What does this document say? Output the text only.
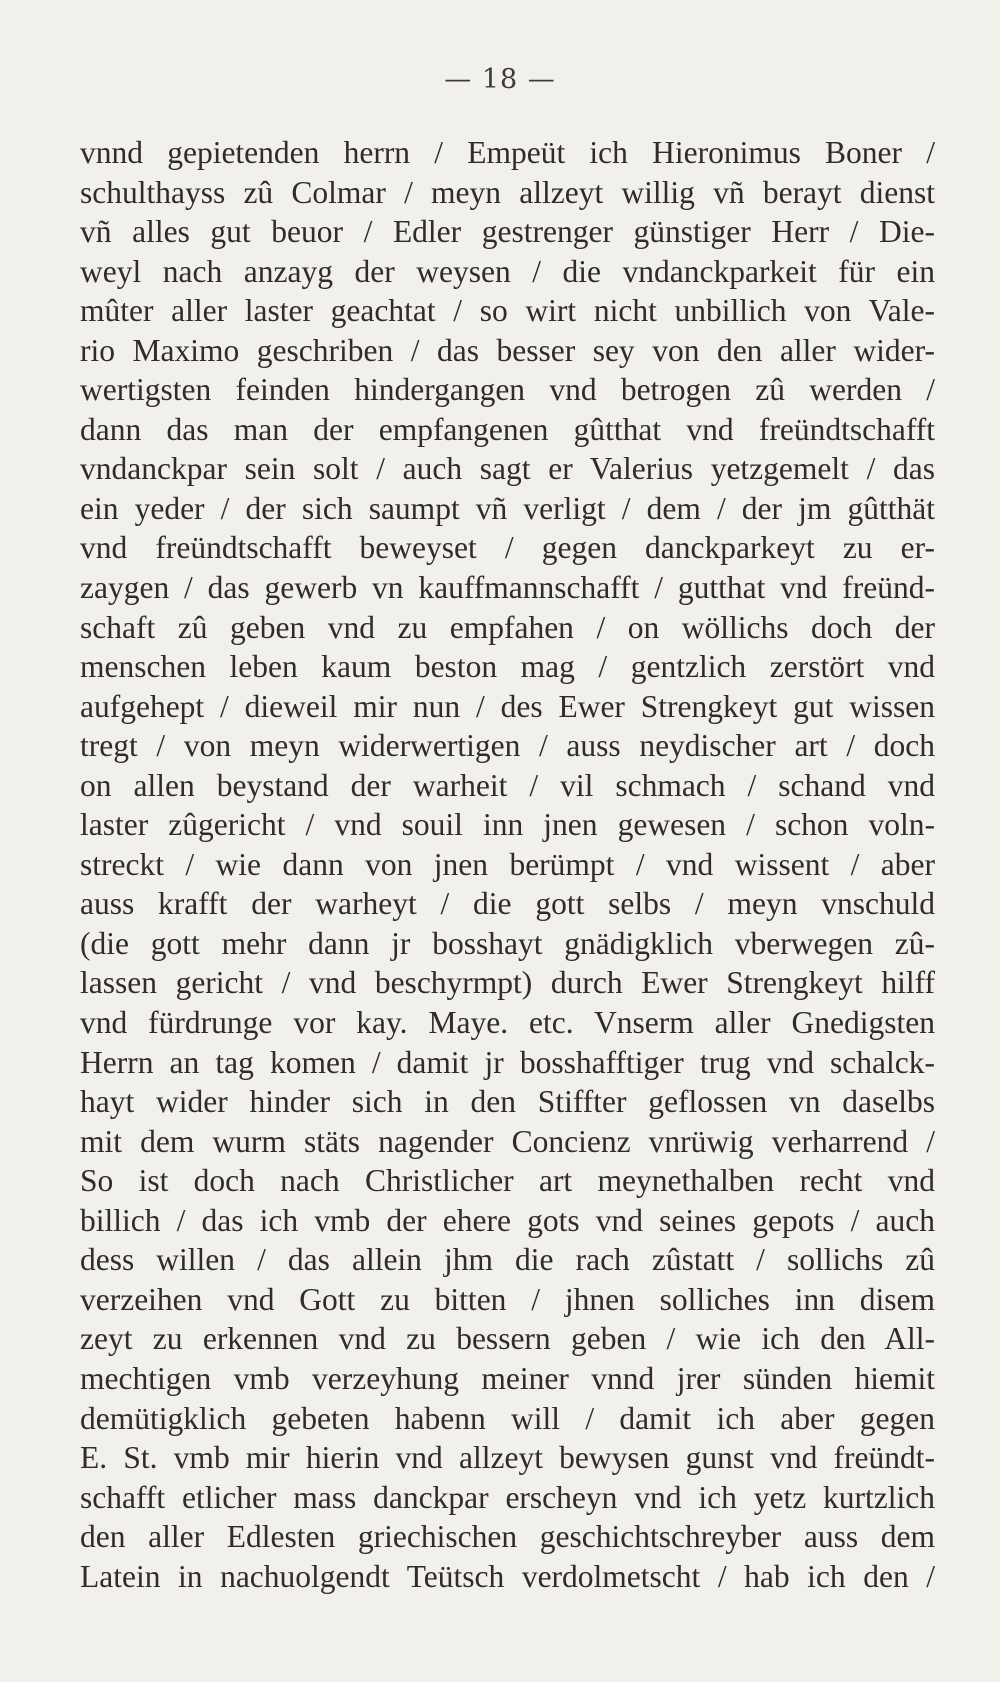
— 18 —
vnnd gepietenden herrn / Empeüt ich Hieronimus Boner /
schulthayss zû Colmar / meyn allzeyt willig vñ berayt dienst
vñ alles gut beuor / Edler gestrenger günstiger Herr / Die-
weyl nach anzayg der weysen / die vndanckparkeit für ein
mûter aller laster geachtat / so wirt nicht unbillich von Vale-
rio Maximo geschriben / das besser sey von den aller wider-
wertigsten feinden hindergangen vnd betrogen zû werden /
dann das man der empfangenen gûtthat vnd freündtschafft
vndanckpar sein solt / auch sagt er Valerius yetzgemelt / das
ein yeder / der sich saumpt vñ verligt / dem / der jm gûtthät
vnd freündtschafft beweyset / gegen danckparkeyt zu er-
zaygen / das gewerb vn kauffmannschafft / gutthat vnd freünd-
schaft zû geben vnd zu empfahen / on wöllichs doch der
menschen leben kaum beston mag / gentzlich zerstört vnd
aufgehept / dieweil mir nun / des Ewer Strengkeyt gut wissen
tregt / von meyn widerwertigen / auss neydischer art / doch
on allen beystand der warheit / vil schmach / schand vnd
laster zûgericht / vnd souil inn jnen gewesen / schon voln-
streckt / wie dann von jnen berümpt / vnd wissent / aber
auss krafft der warheyt / die gott selbs / meyn vnschuld
(die gott mehr dann jr bosshayt gnädigklich vberwegen zû-
lassen gericht / vnd beschyrmpt) durch Ewer Strengkeyt hilff
vnd fürdrunge vor kay. Maye. etc. Vnserm aller Gnedigsten
Herrn an tag komen / damit jr bosshafftiger trug vnd schalck-
hayt wider hinder sich in den Stiffter geflossen vn daselbs
mit dem wurm stäts nagender Concienz vnrüwig verharrend /
So ist doch nach Christlicher art meynethalben recht vnd
billich / das ich vmb der ehere gots vnd seines gepots / auch
dess willen / das allein jhm die rach zûstatt / sollichs zû
verzeihen vnd Gott zu bitten / jhnen solliches inn disem
zeyt zu erkennen vnd zu bessern geben / wie ich den All-
mechtigen vmb verzeyhung meiner vnnd jrer sünden hiemit
demütigklich gebeten habenn will / damit ich aber gegen
E. St. vmb mir hierin vnd allzeyt bewysen gunst vnd freündt-
schafft etlicher mass danckpar erscheyn vnd ich yetz kurtzlich
den aller Edlesten griechischen geschichtschreyber auss dem
Latein in nachuolgendt Teütsch verdolmetscht / hab ich den /
